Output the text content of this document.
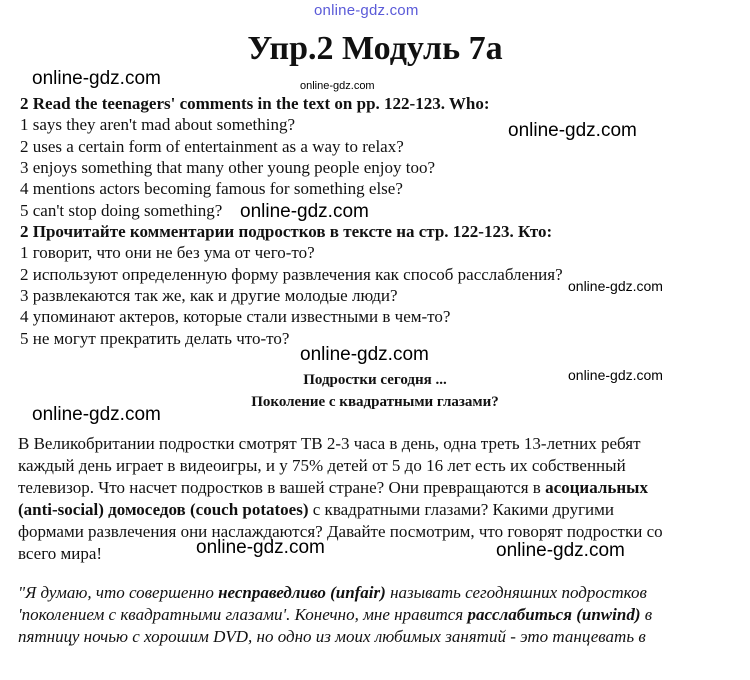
online-gdz.com
online-gdz.com	online-gdz.com
online-gdz.com
online-gdz.com
online-gdz.com
online-gdz.com
online-gdz.com
online-gdz.com
online-gdz.com	online-gdz.com
Упр.2 Модуль 7а
2 Read the teenagers' comments in the text on pp. 122-123. Who:
1 says they aren't mad about something?
2 uses a certain form of entertainment as a way to relax?
3 enjoys something that many other young people enjoy too?
4 mentions actors becoming famous for something else?
5 can't stop doing something?
2 Прочитайте комментарии подростков в тексте на стр. 122-123. Кто:
1 говорит, что они не без ума от чего-то?
2 используют определенную форму развлечения как способ расслабления?
3 развлекаются так же, как и другие молодые люди?
4 упоминают актеров, которые стали известными в чем-то?
5 не могут прекратить делать что-то?
Подростки сегодня ...
Поколение с квадратными глазами?
В Великобритании подростки смотрят ТВ 2-3 часа в день, одна треть 13-летних ребят
каждый день играет в видеоигры, и у 75% детей от 5 до 16 лет есть их собственный
телевизор. Что насчет подростков в вашей стране? Они превращаются в асоциальных
(anti-social) домоседов (couch potatoes) с квадратными глазами? Какими другими
формами развлечения они наслаждаются? Давайте посмотрим, что говорят подростки со
всего мира!
"Я думаю, что совершенно несправедливо (unfair) называть сегодняшних подростков
'поколением с квадратными глазами'. Конечно, мне нравится расслабиться (unwind) в
пятницу ночью с хорошим DVD, но одно из моих любимых занятий - это танцевать в
